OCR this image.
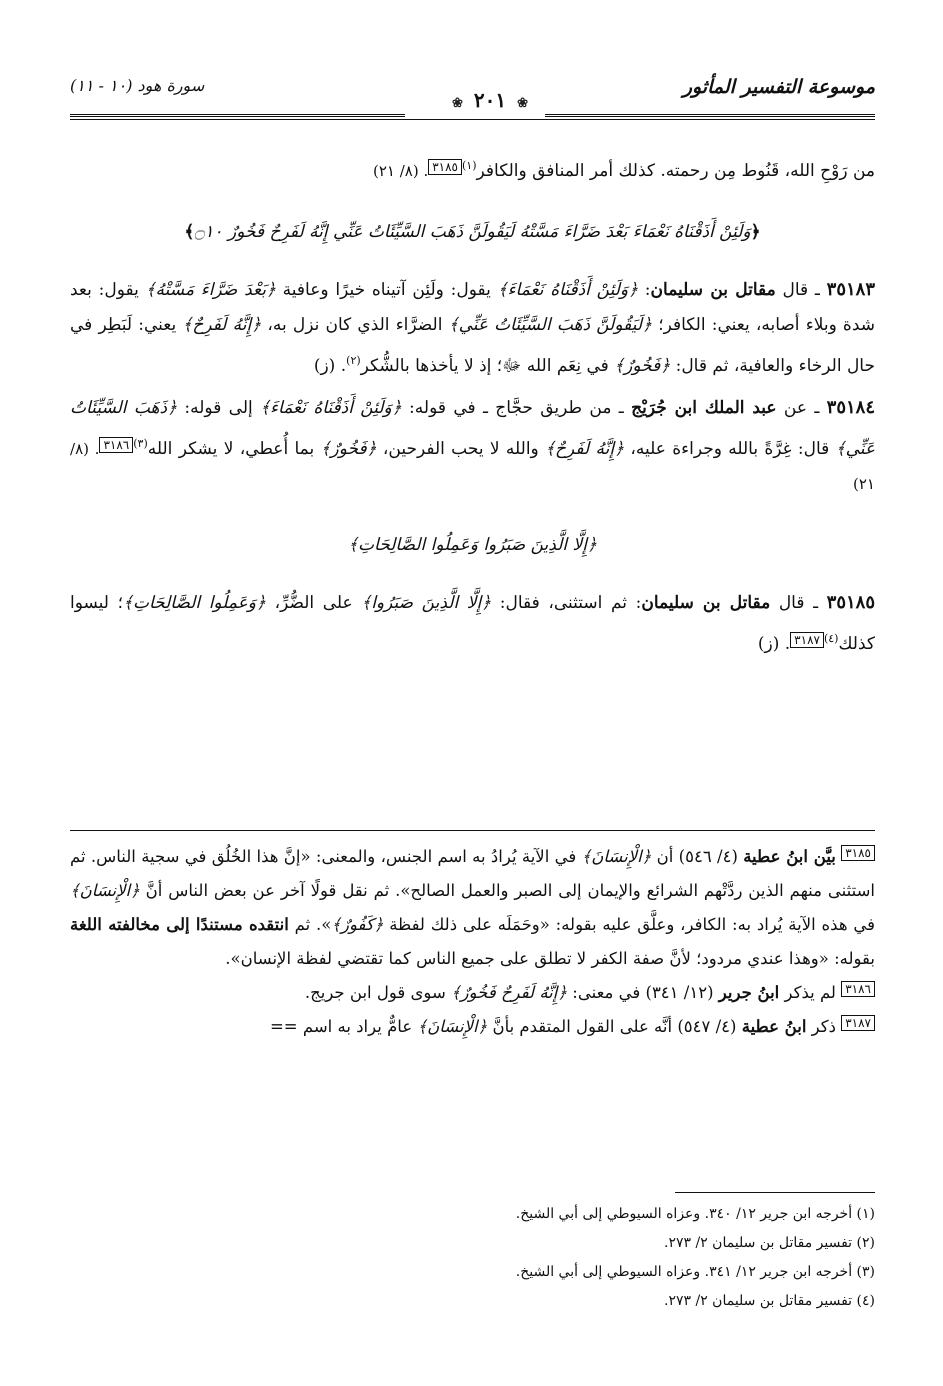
موسوعة التفسير المأثور
❀ ٢٠١ ❀
سورة هود (١٠ - ١١)

من رَوْحِ الله، قَنُوط مِن رحمته. كذلك أمر المنافق والكافر$^{(١)}$٣١٨٥. (٨/ ٢١)

﴿وَلَئِنْ أَذَقْنَاهُ نَعْمَاءَ بَعْدَ ضَرَّاءَ مَسَّتْهُ لَيَقُولَنَّ ذَهَبَ السَّيِّئَاتُ عَنِّي إِنَّهُ لَفَرِحٌ فَخُورٌ ۝١٠﴾

٣٥١٨٣ ـ قال مقاتل بن سليمان: ﴿وَلَئِنْ أَذَقْنَاهُ نَعْمَاءَ﴾ يقول: ولَئِن آتيناه خيرًا وعافية ﴿بَعْدَ ضَرَّاءَ مَسَّتْهُ﴾ يقول: بعد شدة وبلاء أصابه، يعني: الكافر؛ ﴿لَيَقُولَنَّ ذَهَبَ السَّيِّئَاتُ عَنِّي﴾ الضرَّاء الذي كان نزل به، ﴿إِنَّهُ لَفَرِحٌ﴾ يعني: لَبَطِر في حال الرخاء والعافية، ثم قال: ﴿فَخُورٌ﴾ في نِعَم الله ﷻ؛ إذ لا يأخذها بالشُّكر$^{(٢)}$. (ز)

٣٥١٨٤ ـ عن عبد الملك ابن جُرَيْج ـ من طريق حجَّاج ـ في قوله: ﴿وَلَئِنْ أَذَقْنَاهُ نَعْمَاءَ﴾ إلى قوله: ﴿ذَهَبَ السَّيِّئَاتُ عَنِّي﴾ قال: غِرَّةً بالله وجراءة عليه، ﴿إِنَّهُ لَفَرِحٌ﴾ والله لا يحب الفرحين، ﴿فَخُورٌ﴾ بما أُعطي، لا يشكر الله$^{(٣)}$٣١٨٦. (٨/ ٢١)

﴿إِلَّا الَّذِينَ صَبَرُوا وَعَمِلُوا الصَّالِحَاتِ﴾

٣٥١٨٥ ـ قال مقاتل بن سليمان: ثم استثنى، فقال: ﴿إِلَّا الَّذِينَ صَبَرُوا﴾ على الضُّرِّ، ﴿وَعَمِلُوا الصَّالِحَاتِ﴾؛ ليسوا كذلك$^{(٤)}$٣١٨٧. (ز)

٣١٨٥ بيَّن ابنُ عطية (٤/ ٥٤٦) أن ﴿الْإِنسَانَ﴾ في الآية يُرادُ به اسم الجنس، والمعنى: «إنَّ هذا الخُلُق في سجية الناس. ثم استثنى منهم الذين ردَّتْهم الشرائع والإيمان إلى الصبر والعمل الصالح». ثم نقل قولًا آخر عن بعض الناس أنَّ ﴿الْإِنسَانَ﴾ في هذه الآية يُراد به: الكافر، وعلَّق عليه بقوله: «وحَمَلَه على ذلك لفظة ﴿كَفُورٌ﴾». ثم انتقده مستندًا إلى مخالفته اللغة بقوله: «وهذا عندي مردود؛ لأنَّ صفة الكفر لا تطلق على جميع الناس كما تقتضي لفظة الإنسان».

٣١٨٦ لم يذكر ابنُ جرير (١٢/ ٣٤١) في معنى: ﴿إِنَّهُ لَفَرِحٌ فَخُورٌ﴾ سوى قول ابن جريج.

٣١٨٧ ذكر ابنُ عطية (٤/ ٥٤٧) أنَّه على القول المتقدم بأنَّ ﴿الْإِنسَانَ﴾ عامٌّ يراد به اسم ==

(١) أخرجه ابن جرير ١٢/ ٣٤٠. وعزاه السيوطي إلى أبي الشيخ.

(٢) تفسير مقاتل بن سليمان ٢/ ٢٧٣.

(٣) أخرجه ابن جرير ١٢/ ٣٤١. وعزاه السيوطي إلى أبي الشيخ.

(٤) تفسير مقاتل بن سليمان ٢/ ٢٧٣.
